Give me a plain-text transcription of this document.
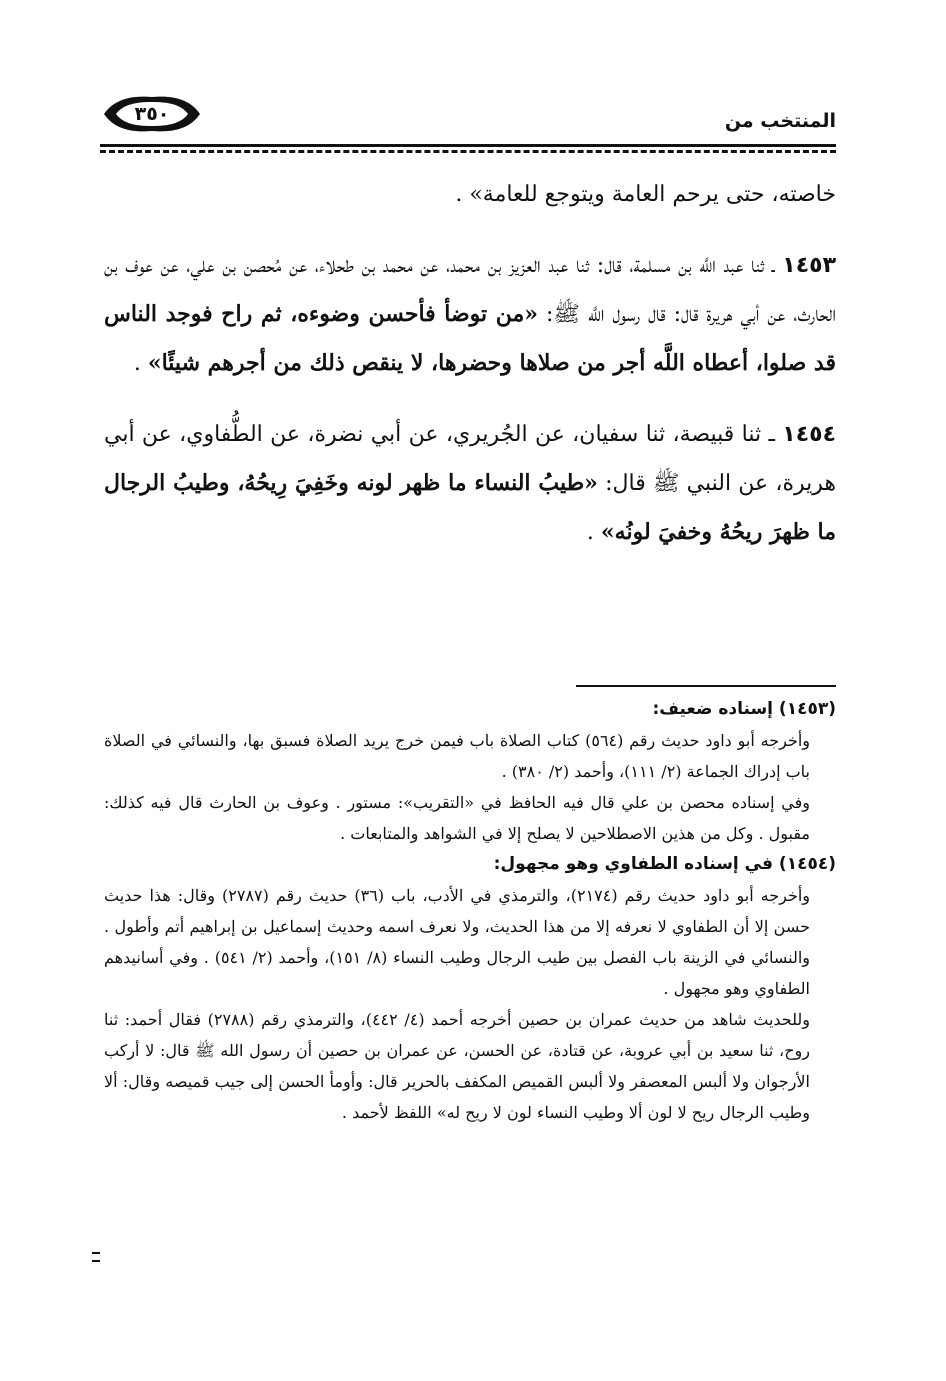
المنتخب من
٣٥٠

خاصته، حتى يرحم العامة ويتوجع للعامة» .

١٤٥٣ ـ ثنا عبد اللَّه بن مسلمة، قال: ثنا عبد العزيز بن محمد، عن محمد بن طحلاء، عن مُحصن بن علي، عن عوف بن الحارث، عن أبي هريرة قال: قال رسول اللَّه ﷺ: «من توضأ فأحسن وضوءه، ثم راح فوجد الناس قد صلوا، أعطاه اللَّه أجر من صلاها وحضرها، لا ينقص ذلك من أجرهم شيئًا» .

١٤٥٤ ـ ثنا قبيصة، ثنا سفيان، عن الجُريري، عن أبي نضرة، عن الطُّفاوي، عن أبي هريرة، عن النبي ﷺ قال: «طيبُ النساء ما ظهر لونه وخَفِيَ رِيحُهُ، وطيبُ الرجال ما ظهرَ ريحُهُ وخفيَ لونُه» .

(١٤٥٣) إسناده ضعيف:

وأخرجه أبو داود حديث رقم (٥٦٤) كتاب الصلاة باب فيمن خرج يريد الصلاة فسبق بها، والنسائي في الصلاة باب إدراك الجماعة (٢/ ١١١)، وأحمد (٢/ ٣٨٠) .

وفي إسناده محصن بن علي قال فيه الحافظ في «التقريب»: مستور . وعوف بن الحارث قال فيه كذلك: مقبول . وكل من هذين الاصطلاحين لا يصلح إلا في الشواهد والمتابعات .

(١٤٥٤) في إسناده الطفاوي وهو مجهول:

وأخرجه أبو داود حديث رقم (٢١٧٤)، والترمذي في الأدب، باب (٣٦) حديث رقم (٢٧٨٧) وقال: هذا حديث حسن إلا أن الطفاوي لا نعرفه إلا من هذا الحديث، ولا نعرف اسمه وحديث إسماعيل بن إبراهيم أتم وأطول . والنسائي في الزينة باب الفصل بين طيب الرجال وطيب النساء (٨/ ١٥١)، وأحمد (٢/ ٥٤١) . وفي أسانيدهم الطفاوي وهو مجهول .

وللحديث شاهد من حديث عمران بن حصين أخرجه أحمد (٤/ ٤٤٢)، والترمذي رقم (٢٧٨٨) فقال أحمد: ثنا روح، ثنا سعيد بن أبي عروبة، عن قتادة، عن الحسن، عن عمران بن حصين أن رسول الله ﷺ قال: لا أركب الأرجوان ولا ألبس المعصفر ولا ألبس القميص المكفف بالحرير قال: وأومأ الحسن إلى جيب قميصه وقال: ألا وطيب الرجال ريح لا لون ألا وطيب النساء لون لا ريح له» اللفظ لأحمد .
